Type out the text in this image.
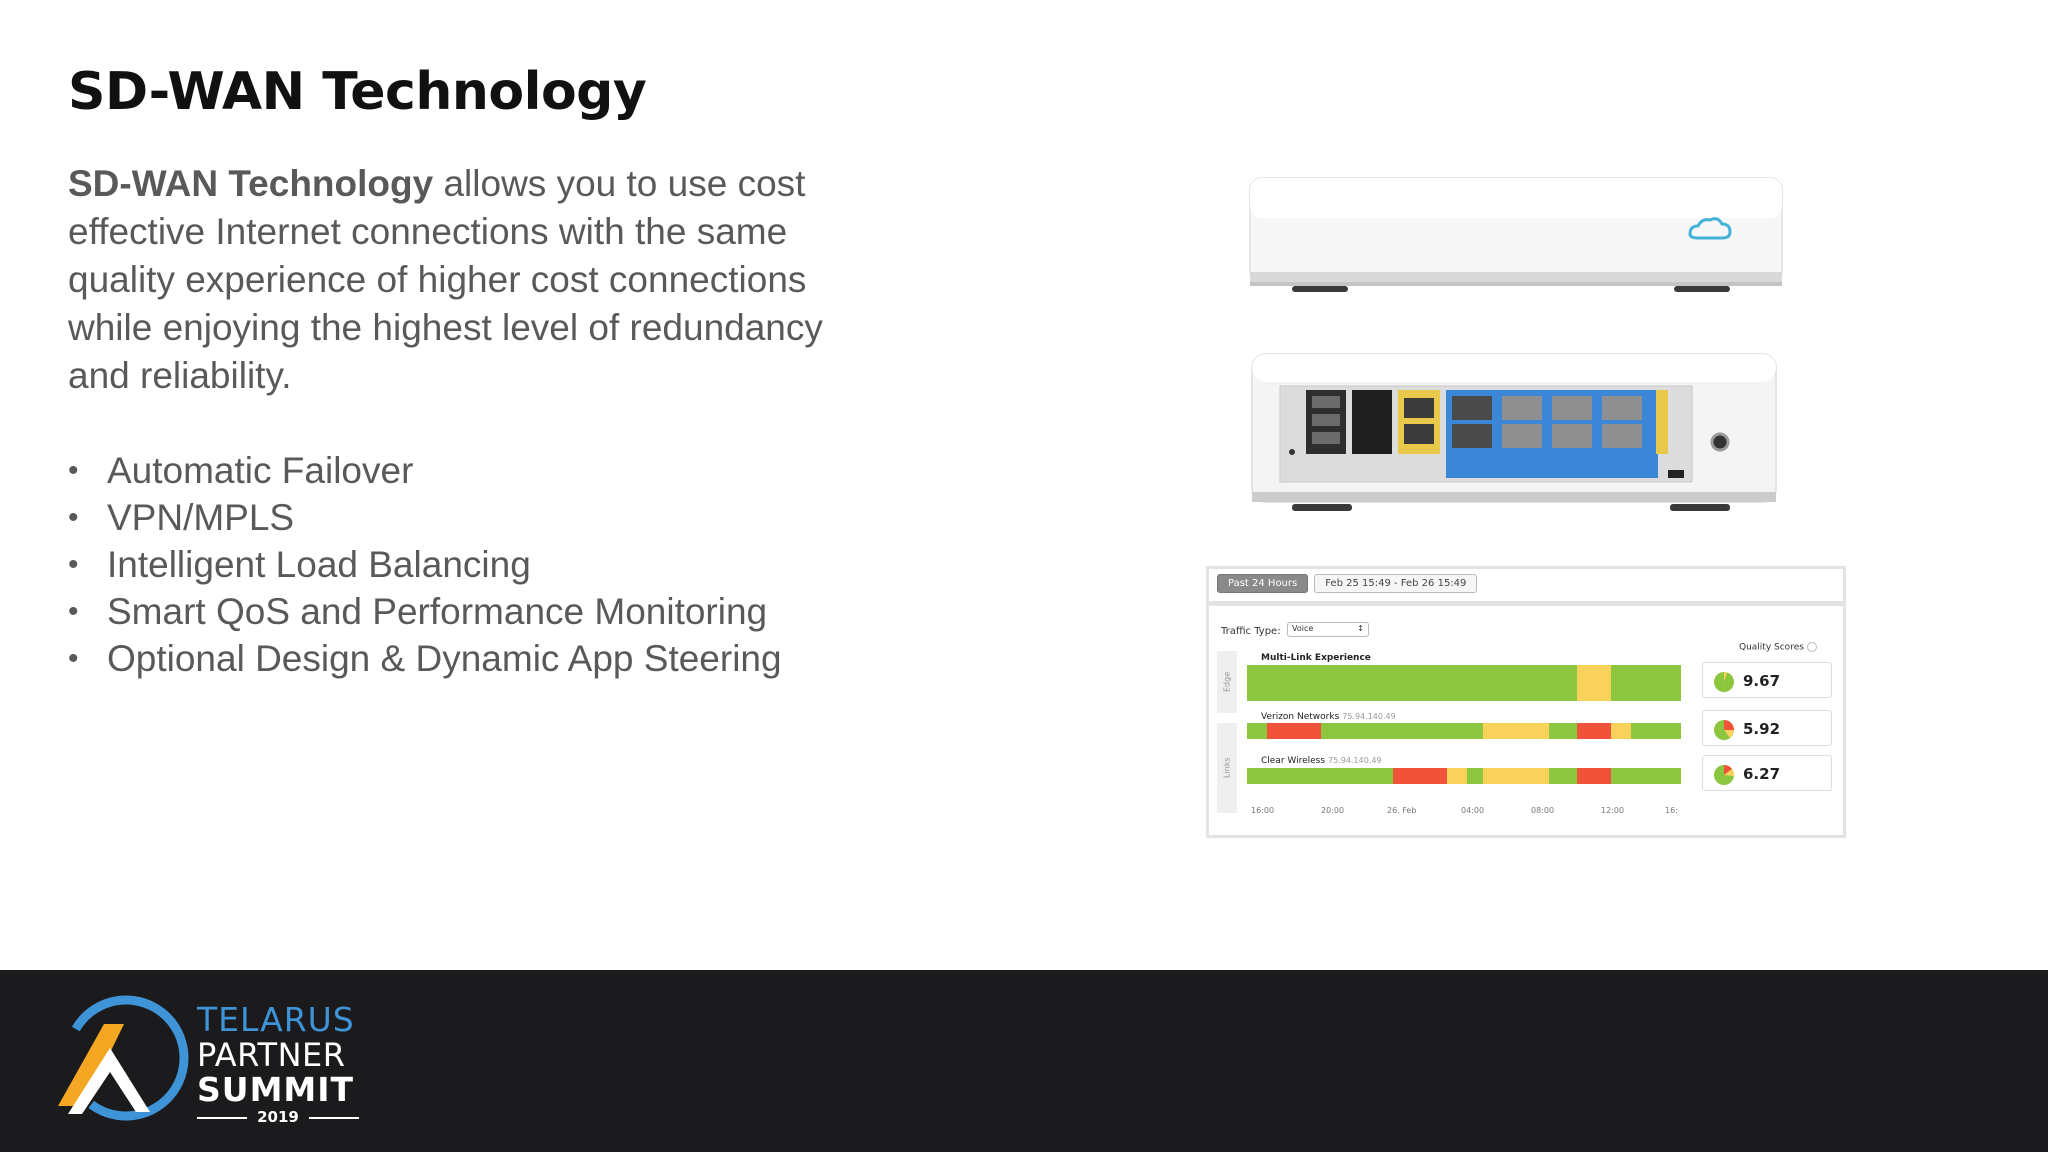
SD-WAN Technology

SD-WAN Technology allows you to use cost effective Internet connections with the same quality experience of higher cost connections while enjoying the highest level of redundancy and reliability.

• Automatic Failover
• VPN/MPLS
• Intelligent Load Balancing
• Smart QoS and Performance Monitoring
• Optional Design & Dynamic App Steering
Past 24 Hours	Feb 25 15:49 - Feb 26 15:49
Traffic Type:	Voice	↕
Edge
Links
Multi-Link Experience
Verizon Networks 75.94.140.49
Clear Wireless 75.94.140.49
16:00	20:00	26. Feb	04:00	08:00	12:00	16:
Quality Scores
9.67
5.92
6.27
TELARUS
PARTNER
SUMMIT
2019
